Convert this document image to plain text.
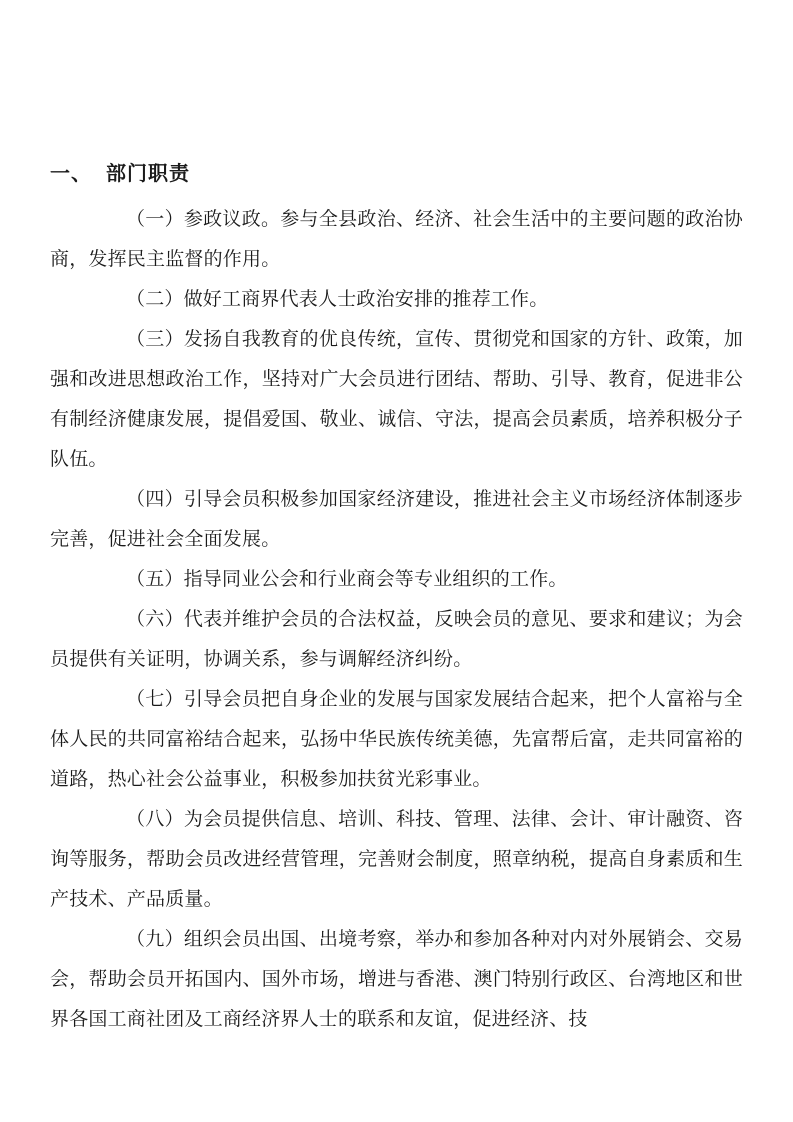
一、 部门职责

（一）参政议政。参与全县政治、经济、社会生活中的主要问题的政治协商，发挥民主监督的作用。

（二）做好工商界代表人士政治安排的推荐工作。

（三）发扬自我教育的优良传统，宣传、贯彻党和国家的方针、政策，加强和改进思想政治工作，坚持对广大会员进行团结、帮助、引导、教育，促进非公有制经济健康发展，提倡爱国、敬业、诚信、守法，提高会员素质，培养积极分子队伍。

（四）引导会员积极参加国家经济建设，推进社会主义市场经济体制逐步完善，促进社会全面发展。

（五）指导同业公会和行业商会等专业组织的工作。

（六）代表并维护会员的合法权益，反映会员的意见、要求和建议；为会员提供有关证明，协调关系，参与调解经济纠纷。

（七）引导会员把自身企业的发展与国家发展结合起来，把个人富裕与全体人民的共同富裕结合起来，弘扬中华民族传统美德，先富帮后富，走共同富裕的道路，热心社会公益事业，积极参加扶贫光彩事业。

（八）为会员提供信息、培训、科技、管理、法律、会计、审计融资、咨询等服务，帮助会员改进经营管理，完善财会制度，照章纳税，提高自身素质和生产技术、产品质量。

（九）组织会员出国、出境考察，举办和参加各种对内对外展销会、交易会，帮助会员开拓国内、国外市场，增进与香港、澳门特别行政区、台湾地区和世界各国工商社团及工商经济界人士的联系和友谊，促进经济、技
